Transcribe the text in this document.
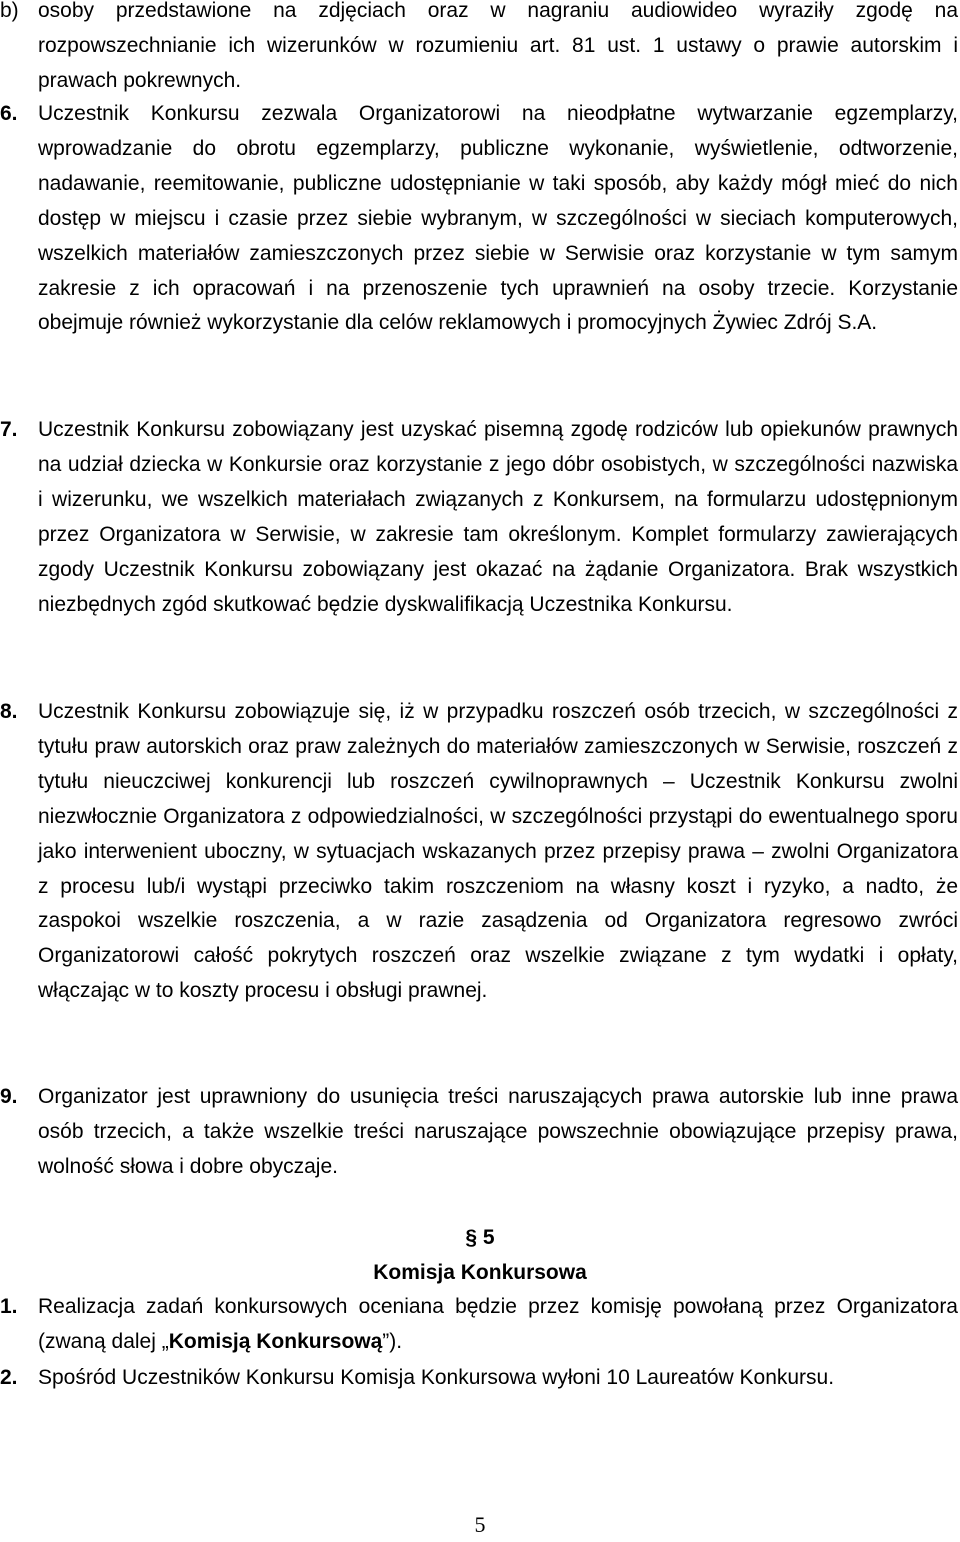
b) osoby przedstawione na zdjęciach oraz w nagraniu audiowideo wyraziły zgodę na rozpowszechnianie ich wizerunków w rozumieniu art. 81 ust. 1 ustawy o prawie autorskim i prawach pokrewnych.
6. Uczestnik Konkursu zezwala Organizatorowi na nieodpłatne wytwarzanie egzemplarzy, wprowadzanie do obrotu egzemplarzy, publiczne wykonanie, wyświetlenie, odtworzenie, nadawanie, reemitowanie, publiczne udostępnianie w taki sposób, aby każdy mógł mieć do nich dostęp w miejscu i czasie przez siebie wybranym, w szczególności w sieciach komputerowych, wszelkich materiałów zamieszczonych przez siebie w Serwisie oraz korzystanie w tym samym zakresie z ich opracowań i na przenoszenie tych uprawnień na osoby trzecie. Korzystanie obejmuje również wykorzystanie dla celów reklamowych i promocyjnych Żywiec Zdrój S.A.
7. Uczestnik Konkursu zobowiązany jest uzyskać pisemną zgodę rodziców lub opiekunów prawnych na udział dziecka w Konkursie oraz korzystanie z jego dóbr osobistych, w szczególności nazwiska i wizerunku, we wszelkich materiałach związanych z Konkursem, na formularzu udostępnionym przez Organizatora w Serwisie, w zakresie tam określonym. Komplet formularzy zawierających zgody Uczestnik Konkursu zobowiązany jest okazać na żądanie Organizatora. Brak wszystkich niezbędnych zgód skutkować będzie dyskwalifikacją Uczestnika Konkursu.
8. Uczestnik Konkursu zobowiązuje się, iż w przypadku roszczeń osób trzecich, w szczególności z tytułu praw autorskich oraz praw zależnych do materiałów zamieszczonych w Serwisie, roszczeń z tytułu nieuczciwej konkurencji lub roszczeń cywilnoprawnych – Uczestnik Konkursu zwolni niezwłocznie Organizatora z odpowiedzialności, w szczególności przystąpi do ewentualnego sporu jako interwenient uboczny, w sytuacjach wskazanych przez przepisy prawa – zwolni Organizatora z procesu lub/i wystąpi przeciwko takim roszczeniom na własny koszt i ryzyko, a nadto, że zaspokoi wszelkie roszczenia, a w razie zasądzenia od Organizatora regresowo zwróci Organizatorowi całość pokrytych roszczeń oraz wszelkie związane z tym wydatki i opłaty, włączając w to koszty procesu i obsługi prawnej.
9. Organizator jest uprawniony do usunięcia treści naruszających prawa autorskie lub inne prawa osób trzecich, a także wszelkie treści naruszające powszechnie obowiązujące przepisy prawa, wolność słowa i dobre obyczaje.
§ 5
Komisja Konkursowa
1. Realizacja zadań konkursowych oceniana będzie przez komisję powołaną przez Organizatora (zwaną dalej „Komisją Konkursową”).
2. Spośród Uczestników Konkursu Komisja Konkursowa wyłoni 10 Laureatów Konkursu.
5
